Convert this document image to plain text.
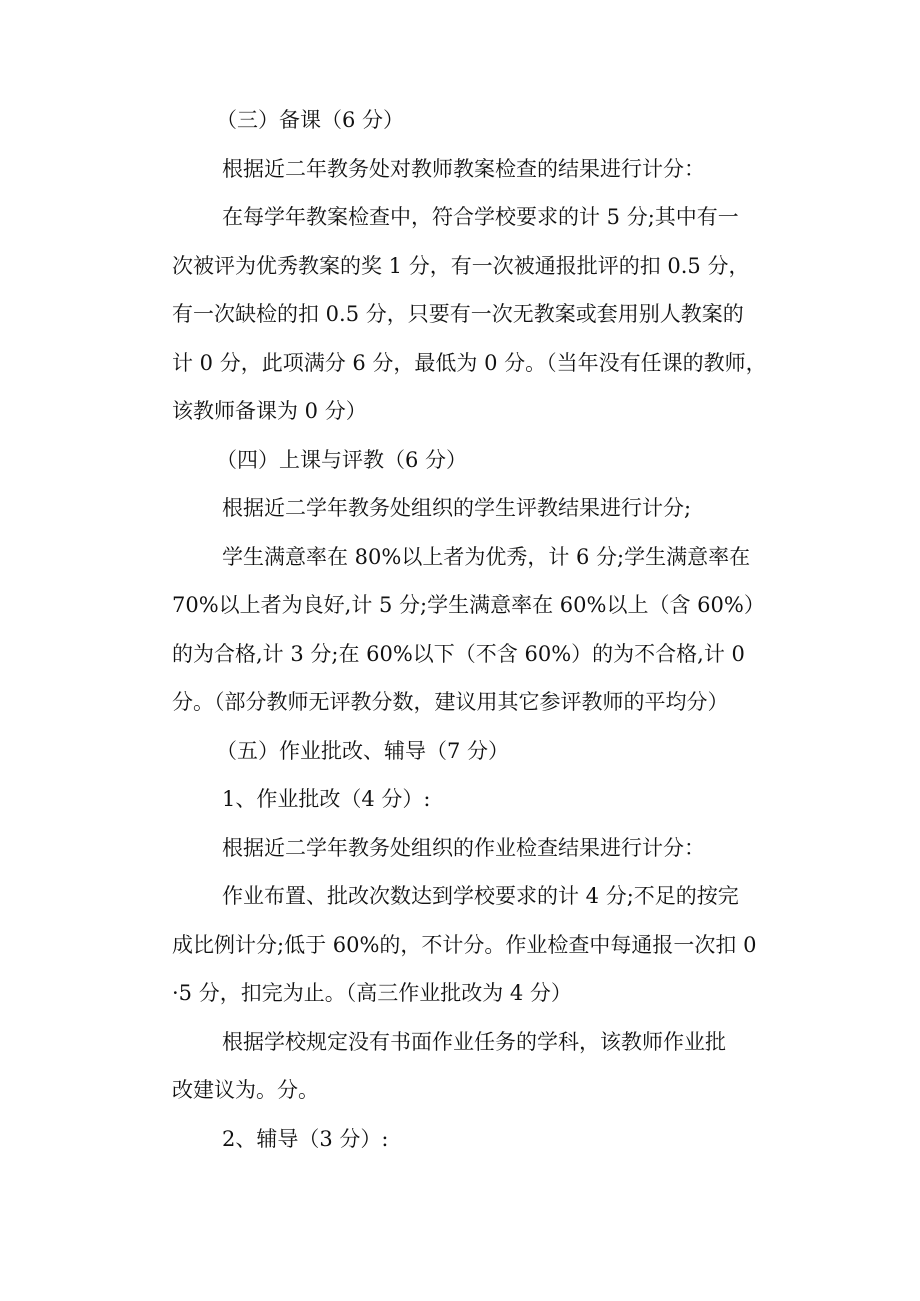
（三）备课（6 分）
根据近二年教务处对教师教案检查的结果进行计分：
在每学年教案检查中，符合学校要求的计 5 分;其中有一
次被评为优秀教案的奖 1 分，有一次被通报批评的扣 0.5 分，
有一次缺检的扣 0.5 分，只要有一次无教案或套用别人教案的
计 0 分，此项满分 6 分，最低为 0 分。（当年没有任课的教师，
该教师备课为 0 分）
（四）上课与评教（6 分）
根据近二学年教务处组织的学生评教结果进行计分;
学生满意率在 80%以上者为优秀，计 6 分;学生满意率在
70%以上者为良好,计 5 分;学生满意率在 60%以上（含 60%）
的为合格,计 3 分;在 60%以下（不含 60%）的为不合格,计 0
分。（部分教师无评教分数，建议用其它参评教师的平均分）
（五）作业批改、辅导（7 分）
1、作业批改（4 分）:
根据近二学年教务处组织的作业检查结果进行计分：
作业布置、批改次数达到学校要求的计 4 分;不足的按完
成比例计分;低于 60%的，不计分。作业检查中每通报一次扣 0
·5 分，扣完为止。（高三作业批改为 4 分）
根据学校规定没有书面作业任务的学科，该教师作业批
改建议为。分。
2、辅导（3 分）:
